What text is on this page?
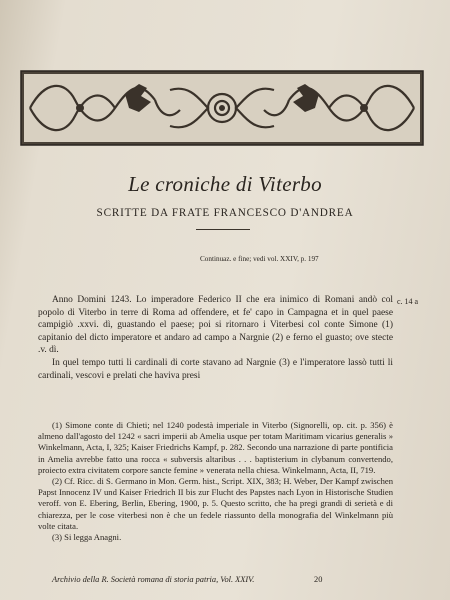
Le croniche di Viterbo
SCRITTE DA FRATE FRANCESCO D'ANDREA
Continuaz. e fine; vedi vol. XXIV, p. 197
c. 14 a

Anno Domini 1243. Lo imperadore Federico II che era inimico di Romani andò col popolo di Viterbo in terre di Roma ad offendere, et fe' capo in Campagna et in quel paese campigiò .xxvi. dì, guastando el paese; poi si ritornaro i Viterbesi col conte Simone (1) capitanio del dicto imperatore et andaro ad campo a Nargnie (2) e ferno el guasto; ove stecte .v. dì.

In quel tempo tutti li cardinali di corte stavano ad Nargnie (3) e l'imperatore lassò tutti li cardinali, vescovi e prelati che haviva presi

(1) Simone conte di Chieti; nel 1240 podestà imperiale in Viterbo (Signorelli, op. cit. p. 356) è almeno dall'agosto del 1242 « sacri imperii ab Amelia usque per totam Maritimam vicarius generalis » Winkelmann, Acta, I, 325; Kaiser Friedrichs Kampf, p. 282. Secondo una narrazione di parte pontificia in Amelia avrebbe fatto una rocca « subversis altaribus . . . baptisterium in clybanum convertendo, proiecto extra civitatem corpore sancte femine » venerata nella chiesa. Winkelmann, Acta, II, 719.

(2) Cf. Ricc. di S. Germano in Mon. Germ. hist., Script. XIX, 383; H. Weber, Der Kampf zwischen Papst Innocenz IV und Kaiser Friedrich II bis zur Flucht des Papstes nach Lyon in Historische Studien veroff. von E. Ebering, Berlin, Ebering, 1900, p. 5. Questo scritto, che ha pregi grandi di serietà e di chiarezza, per le cose viterbesi non è che un fedele riassunto della monografia del Winkelmann più volte citata.

(3) Si legga Anagni.

Archivio della R. Società romana di storia patria, Vol. XXIV.	20
